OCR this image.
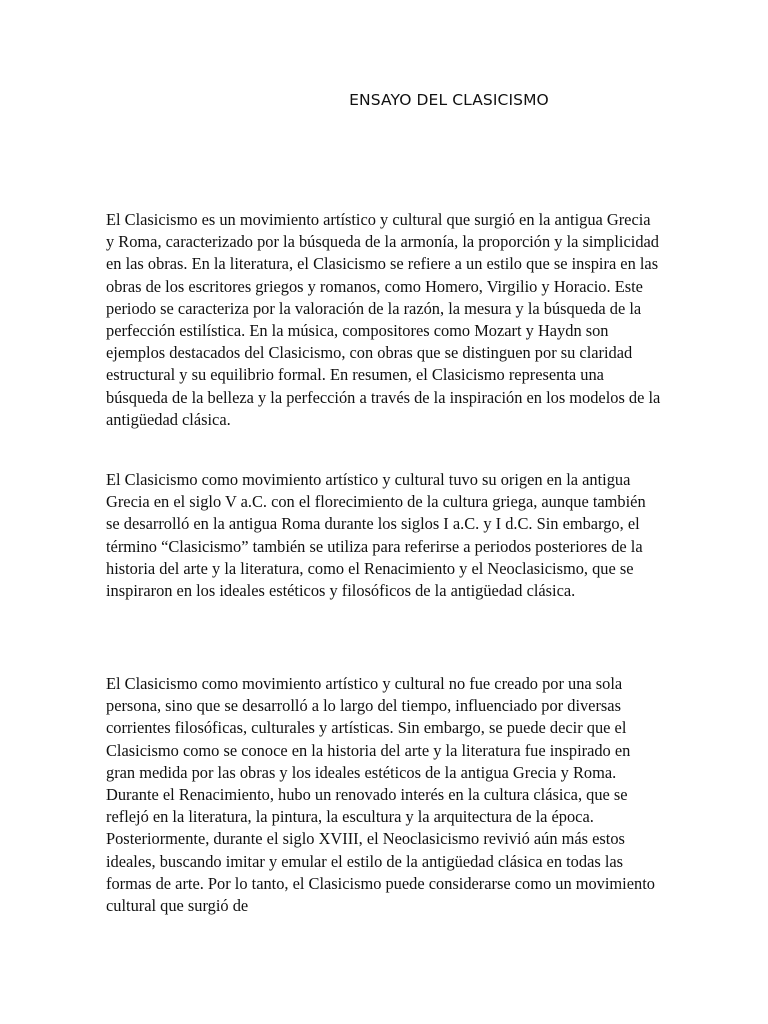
ENSAYO DEL CLASICISMO

El Clasicismo es un movimiento artístico y cultural que surgió en la antigua Grecia y Roma, caracterizado por la búsqueda de la armonía, la proporción y la simplicidad en las obras. En la literatura, el Clasicismo se refiere a un estilo que se inspira en las obras de los escritores griegos y romanos, como Homero, Virgilio y Horacio. Este periodo se caracteriza por la valoración de la razón, la mesura y la búsqueda de la perfección estilística. En la música, compositores como Mozart y Haydn son ejemplos destacados del Clasicismo, con obras que se distinguen por su claridad estructural y su equilibrio formal. En resumen, el Clasicismo representa una búsqueda de la belleza y la perfección a través de la inspiración en los modelos de la antigüedad clásica.

El Clasicismo como movimiento artístico y cultural tuvo su origen en la antigua Grecia en el siglo V a.C. con el florecimiento de la cultura griega, aunque también se desarrolló en la antigua Roma durante los siglos I a.C. y I d.C. Sin embargo, el término “Clasicismo” también se utiliza para referirse a periodos posteriores de la historia del arte y la literatura, como el Renacimiento y el Neoclasicismo, que se inspiraron en los ideales estéticos y filosóficos de la antigüedad clásica.

El Clasicismo como movimiento artístico y cultural no fue creado por una sola persona, sino que se desarrolló a lo largo del tiempo, influenciado por diversas corrientes filosóficas, culturales y artísticas. Sin embargo, se puede decir que el Clasicismo como se conoce en la historia del arte y la literatura fue inspirado en gran medida por las obras y los ideales estéticos de la antigua Grecia y Roma. Durante el Renacimiento, hubo un renovado interés en la cultura clásica, que se reflejó en la literatura, la pintura, la escultura y la arquitectura de la época. Posteriormente, durante el siglo XVIII, el Neoclasicismo revivió aún más estos ideales, buscando imitar y emular el estilo de la antigüedad clásica en todas las formas de arte. Por lo tanto, el Clasicismo puede considerarse como un movimiento cultural que surgió de
